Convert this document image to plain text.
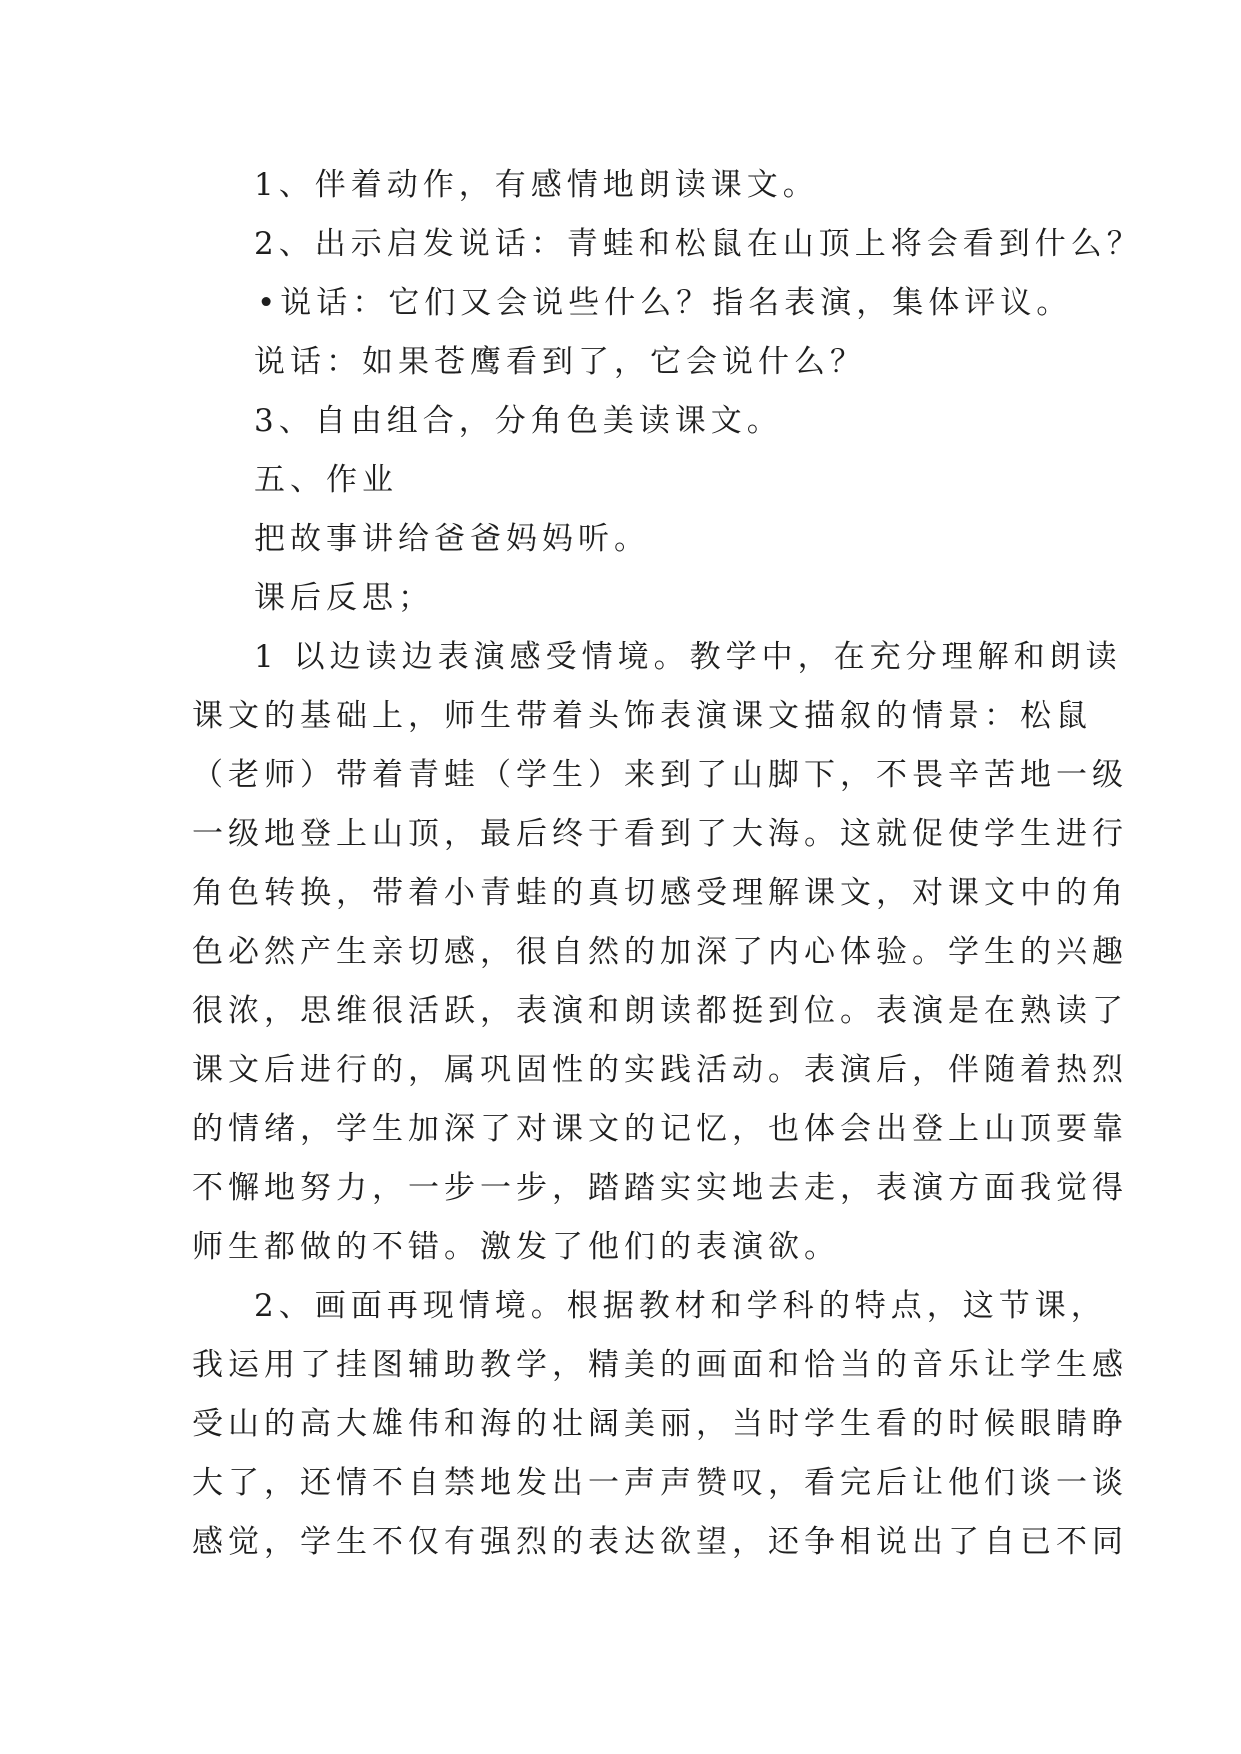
1、伴着动作，有感情地朗读课文。
2、出示启发说话：青蛙和松鼠在山顶上将会看到什么？
•说话：它们又会说些什么？指名表演，集体评议。
说话：如果苍鹰看到了，它会说什么？
3、自由组合，分角色美读课文。
五、作业
把故事讲给爸爸妈妈听。
课后反思；
1 以边读边表演感受情境。教学中，在充分理解和朗读
课文的基础上，师生带着头饰表演课文描叙的情景：松鼠
（老师）带着青蛙（学生）来到了山脚下，不畏辛苦地一级
一级地登上山顶，最后终于看到了大海。这就促使学生进行
角色转换，带着小青蛙的真切感受理解课文，对课文中的角
色必然产生亲切感，很自然的加深了内心体验。学生的兴趣
很浓，思维很活跃，表演和朗读都挺到位。表演是在熟读了
课文后进行的，属巩固性的实践活动。表演后，伴随着热烈
的情绪，学生加深了对课文的记忆，也体会出登上山顶要靠
不懈地努力，一步一步，踏踏实实地去走，表演方面我觉得
师生都做的不错。激发了他们的表演欲。
2、画面再现情境。根据教材和学科的特点，这节课，
我运用了挂图辅助教学，精美的画面和恰当的音乐让学生感
受山的高大雄伟和海的壮阔美丽，当时学生看的时候眼睛睁
大了，还情不自禁地发出一声声赞叹，看完后让他们谈一谈
感觉，学生不仅有强烈的表达欲望，还争相说出了自已不同
